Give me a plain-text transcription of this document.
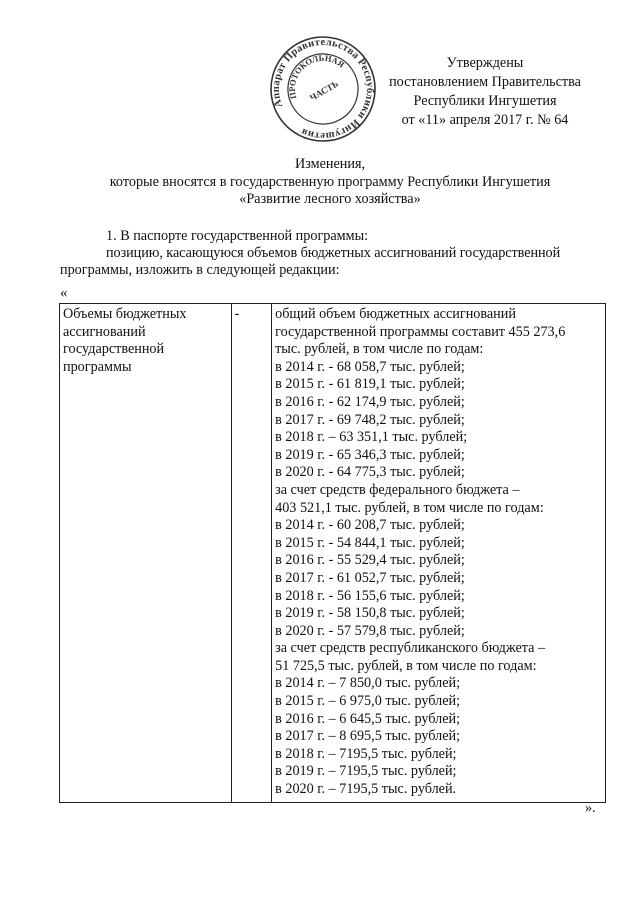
Аппарат Правительства Республики Ингушетия
ПРОТОКОЛЬНАЯ
ЧАСТЬ
Утверждены
постановлением Правительства
Республики Ингушетия
от «11» апреля 2017 г. № 64
Изменения,
которые вносятся в государственную программу Республики Ингушетия
«Развитие лесного хозяйства»
1. В паспорте государственной программы:
позицию, касающуюся объемов бюджетных ассигнований государственной
программы, изложить в следующей редакции:
«
Объемы бюджетных
ассигнований
государственной
программы
	-	общий объем бюджетных ассигнований
государственной программы составит 455 273,6
тыс. рублей, в том числе по годам:
в 2014 г. - 68 058,7 тыс. рублей;
в 2015 г. - 61 819,1 тыс. рублей;
в 2016 г. - 62 174,9 тыс. рублей;
в 2017 г. - 69 748,2 тыс. рублей;
в 2018 г. – 63 351,1 тыс. рублей;
в 2019 г. - 65 346,3 тыс. рублей;
в 2020 г. - 64 775,3 тыс. рублей;
за счет средств федерального бюджета –
403 521,1 тыс. рублей, в том числе по годам:
в 2014 г. - 60 208,7 тыс. рублей;
в 2015 г. - 54 844,1 тыс. рублей;
в 2016 г. - 55 529,4 тыс. рублей;
в 2017 г. - 61 052,7 тыс. рублей;
в 2018 г. - 56 155,6 тыс. рублей;
в 2019 г. - 58 150,8 тыс. рублей;
в 2020 г. - 57 579,8 тыс. рублей;
за счет средств республиканского бюджета –
51 725,5 тыс. рублей, в том числе по годам:
в 2014 г. – 7 850,0 тыс. рублей;
в 2015 г. – 6 975,0 тыс. рублей;
в 2016 г. – 6 645,5 тыс. рублей;
в 2017 г. – 8 695,5 тыс. рублей;
в 2018 г. – 7195,5 тыс. рублей;
в 2019 г. – 7195,5 тыс. рублей;
в 2020 г. – 7195,5 тыс. рублей.
».
